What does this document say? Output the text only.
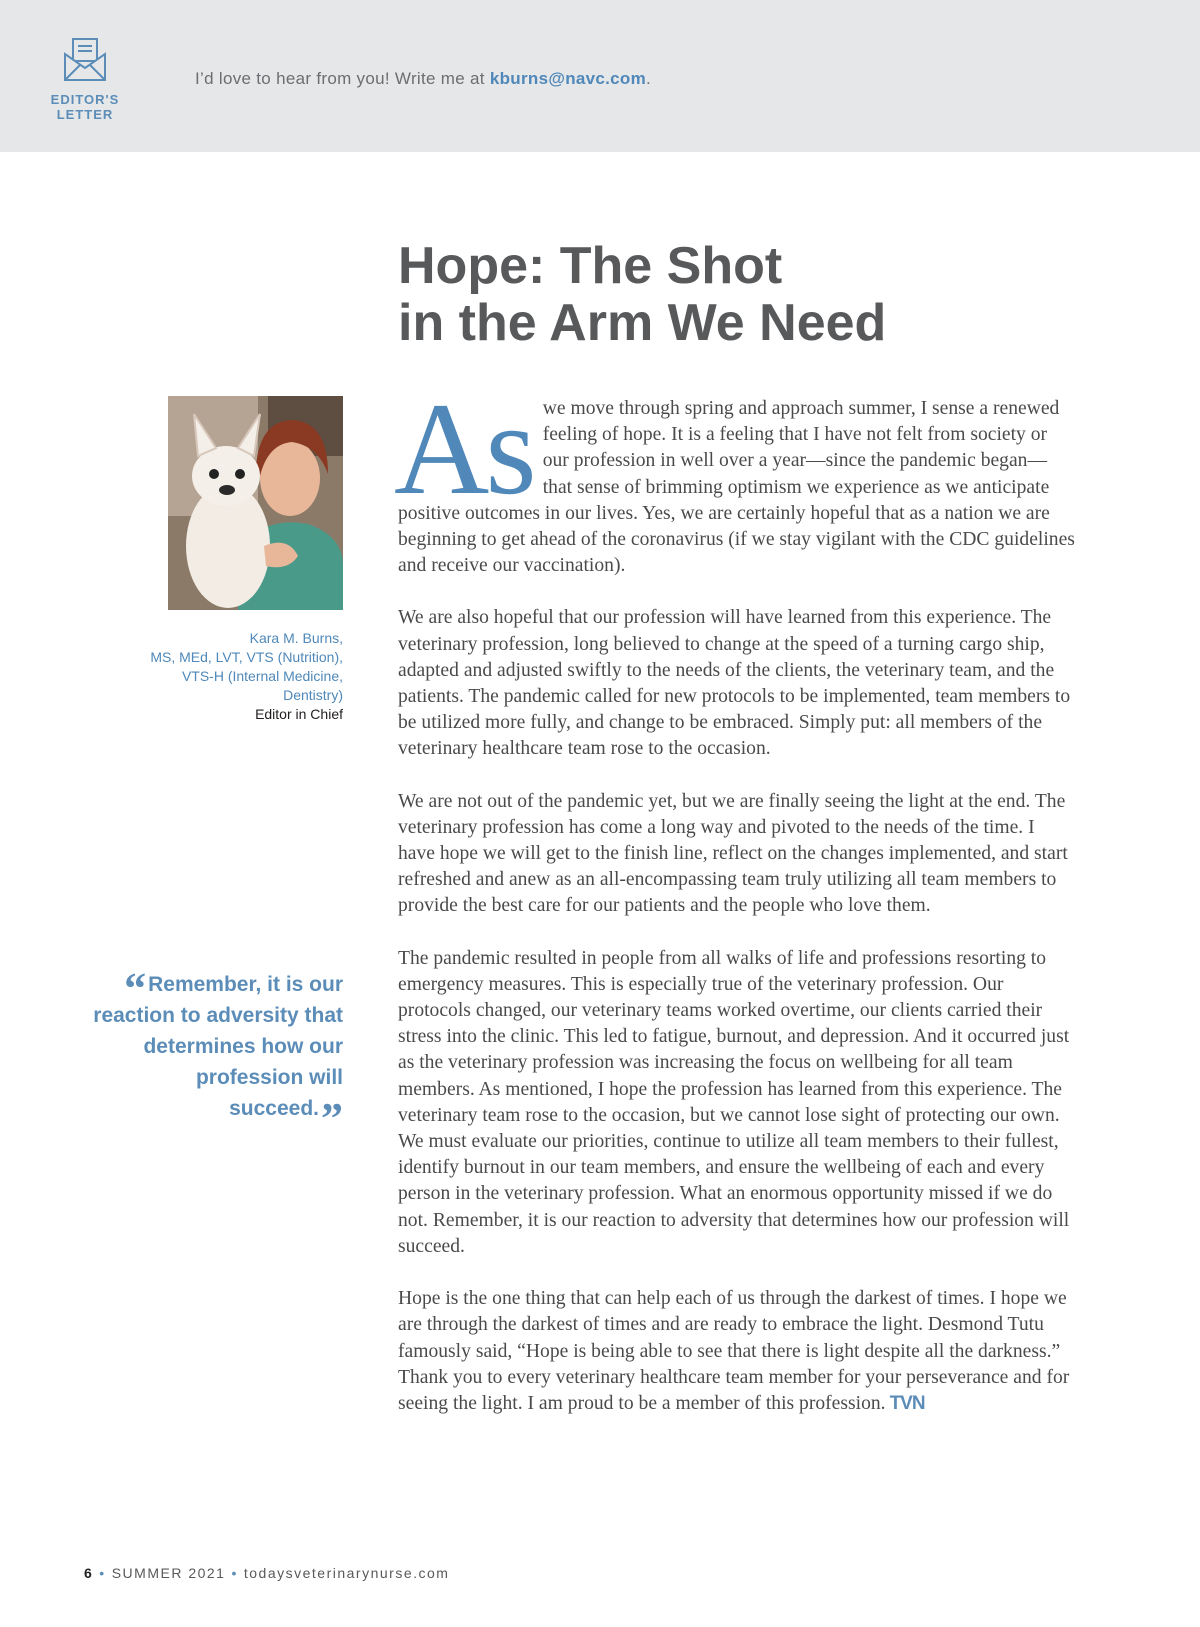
EDITOR'S
LETTER
I’d love to hear from you! Write me at kburns@navc.com.
Hope: The Shot
in the Arm We Need
Kara M. Burns,
MS, MEd, LVT, VTS (Nutrition),
VTS-H (Internal Medicine,
Dentistry)
Editor in Chief
“Remember, it is our reaction to adversity that determines how our profession will succeed.”

As we move through spring and approach summer, I sense a renewed feeling of hope. It is a feeling that I have not felt from society or our profession in well over a year—since the pandemic began—that sense of brimming optimism we experience as we anticipate positive outcomes in our lives. Yes, we are certainly hopeful that as a nation we are beginning to get ahead of the coronavirus (if we stay vigilant with the CDC guidelines and receive our vaccination).

We are also hopeful that our profession will have learned from this experience. The veterinary profession, long believed to change at the speed of a turning cargo ship, adapted and adjusted swiftly to the needs of the clients, the veterinary team, and the patients. The pandemic called for new protocols to be implemented, team members to be utilized more fully, and change to be embraced. Simply put: all members of the veterinary healthcare team rose to the occasion.

We are not out of the pandemic yet, but we are finally seeing the light at the end. The veterinary profession has come a long way and pivoted to the needs of the time. I have hope we will get to the finish line, reflect on the changes implemented, and start refreshed and anew as an all-encompassing team truly utilizing all team members to provide the best care for our patients and the people who love them.

The pandemic resulted in people from all walks of life and professions resorting to emergency measures. This is especially true of the veterinary profession. Our protocols changed, our veterinary teams worked overtime, our clients carried their stress into the clinic. This led to fatigue, burnout, and depression. And it occurred just as the veterinary profession was increasing the focus on wellbeing for all team members. As mentioned, I hope the profession has learned from this experience. The veterinary team rose to the occasion, but we cannot lose sight of protecting our own. We must evaluate our priorities, continue to utilize all team members to their fullest, identify burnout in our team members, and ensure the wellbeing of each and every person in the veterinary profession. What an enormous opportunity missed if we do not. Remember, it is our reaction to adversity that determines how our profession will succeed.

Hope is the one thing that can help each of us through the darkest of times. I hope we are through the darkest of times and are ready to embrace the light. Desmond Tutu famously said, “Hope is being able to see that there is light despite all the darkness.” Thank you to every veterinary healthcare team member for your perseverance and for seeing the light. I am proud to be a member of this profession. TVN

6 • SUMMER 2021 • todaysveterinarynurse.com
